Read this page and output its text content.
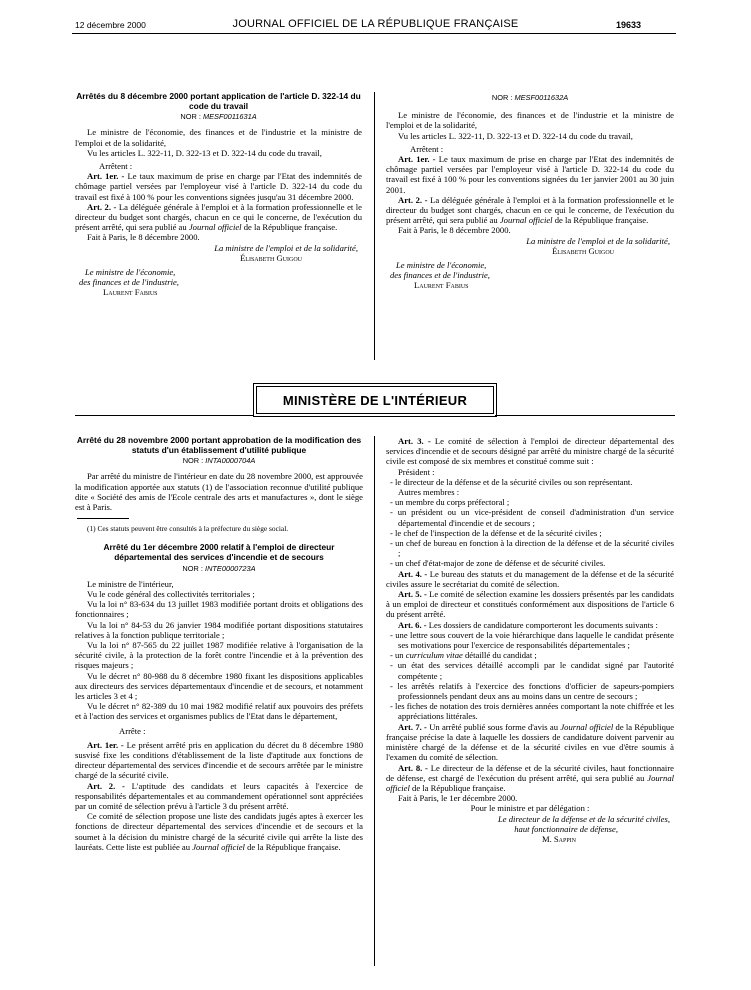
12 décembre 2000	JOURNAL OFFICIEL DE LA RÉPUBLIQUE FRANÇAISE	19633

Arrêtés du 8 décembre 2000 portant application de l'article D. 322-14 du code du travail

NOR : MESF0011631A

Le ministre de l'économie, des finances et de l'industrie et la ministre de l'emploi et de la solidarité,

Vu les articles L. 322-11, D. 322-13 et D. 322-14 du code du travail,

Arrêtent :

Art. 1er. - Le taux maximum de prise en charge par l'Etat des indemnités de chômage partiel versées par l'employeur visé à l'article D. 322-14 du code du travail est fixé à 100 % pour les conventions signées jusqu'au 31 décembre 2000.

Art. 2. - La déléguée générale à l'emploi et à la formation professionnelle et le directeur du budget sont chargés, chacun en ce qui le concerne, de l'exécution du présent arrêté, qui sera publié au Journal officiel de la République française.

Fait à Paris, le 8 décembre 2000.

La ministre de l'emploi et de la solidarité,

Élisabeth Guigou

Le ministre de l'économie,

des finances et de l'industrie,

Laurent Fabius

NOR : MESF0011632A

Le ministre de l'économie, des finances et de l'industrie et la ministre de l'emploi et de la solidarité,

Vu les articles L. 322-11, D. 322-13 et D. 322-14 du code du travail,

Arrêtent :

Art. 1er. - Le taux maximum de prise en charge par l'Etat des indemnités de chômage partiel versées par l'employeur visé à l'article D. 322-14 du code du travail est fixé à 100 % pour les conventions signées du 1er janvier 2001 au 30 juin 2001.

Art. 2. - La déléguée générale à l'emploi et à la formation professionnelle et le directeur du budget sont chargés, chacun en ce qui le concerne, de l'exécution du présent arrêté, qui sera publié au Journal officiel de la République française.

Fait à Paris, le 8 décembre 2000.

La ministre de l'emploi et de la solidarité,

Élisabeth Guigou

Le ministre de l'économie,

des finances et de l'industrie,

Laurent Fabius

MINISTÈRE DE L'INTÉRIEUR

Arrêté du 28 novembre 2000 portant approbation de la modification des statuts d'un établissement d'utilité publique

NOR : INTA0000704A

Par arrêté du ministre de l'intérieur en date du 28 novembre 2000, est approuvée la modification apportée aux statuts (1) de l'association reconnue d'utilité publique dite « Société des amis de l'Ecole centrale des arts et manufactures », dont le siège est à Paris.

(1) Ces statuts peuvent être consultés à la préfecture du siège social.

Arrêté du 1er décembre 2000 relatif à l'emploi de directeur départemental des services d'incendie et de secours

NOR : INTE0000723A

Le ministre de l'intérieur,

Vu le code général des collectivités territoriales ;

Vu la loi n° 83-634 du 13 juillet 1983 modifiée portant droits et obligations des fonctionnaires ;

Vu la loi n° 84-53 du 26 janvier 1984 modifiée portant dispositions statutaires relatives à la fonction publique territoriale ;

Vu la loi n° 87-565 du 22 juillet 1987 modifiée relative à l'organisation de la sécurité civile, à la protection de la forêt contre l'incendie et à la prévention des risques majeurs ;

Vu le décret n° 80-988 du 8 décembre 1980 fixant les dispositions applicables aux directeurs des services départementaux d'incendie et de secours, et notamment les articles 3 et 4 ;

Vu le décret n° 82-389 du 10 mai 1982 modifié relatif aux pouvoirs des préfets et à l'action des services et organismes publics de l'Etat dans le département,

Arrête :

Art. 1er. - Le présent arrêté pris en application du décret du 8 décembre 1980 susvisé fixe les conditions d'établissement de la liste d'aptitude aux fonctions de directeur départemental des services d'incendie et de secours arrêtée par le ministre chargé de la sécurité civile.

Art. 2. - L'aptitude des candidats et leurs capacités à l'exercice de responsabilités départementales et au commandement opérationnel sont appréciées par un comité de sélection prévu à l'article 3 du présent arrêté.

Ce comité de sélection propose une liste des candidats jugés aptes à exercer les fonctions de directeur départemental des services d'incendie et de secours et la soumet à la décision du ministre chargé de la sécurité civile qui arrête la liste des lauréats. Cette liste est publiée au Journal officiel de la République française.

Art. 3. - Le comité de sélection à l'emploi de directeur départemental des services d'incendie et de secours désigné par arrêté du ministre chargé de la sécurité civile est composé de six membres et constitué comme suit :

Président :

- le directeur de la défense et de la sécurité civiles ou son représentant.

Autres membres :

- un membre du corps préfectoral ;

- un président ou un vice-président de conseil d'administration d'un service départemental d'incendie et de secours ;

- le chef de l'inspection de la défense et de la sécurité civiles ;

- un chef de bureau en fonction à la direction de la défense et de la sécurité civiles ;

- un chef d'état-major de zone de défense et de sécurité civiles.

Art. 4. - Le bureau des statuts et du management de la défense et de la sécurité civiles assure le secrétariat du comité de sélection.

Art. 5. - Le comité de sélection examine les dossiers présentés par les candidats à un emploi de directeur et constitués conformément aux dispositions de l'article 6 du présent arrêté.

Art. 6. - Les dossiers de candidature comporteront les documents suivants :

- une lettre sous couvert de la voie hiérarchique dans laquelle le candidat présente ses motivations pour l'exercice de responsabilités départementales ;

- un curriculum vitae détaillé du candidat ;

- un état des services détaillé accompli par le candidat signé par l'autorité compétente ;

- les arrêtés relatifs à l'exercice des fonctions d'officier de sapeurs-pompiers professionnels pendant deux ans au moins dans un centre de secours ;

- les fiches de notation des trois dernières années comportant la note chiffrée et les appréciations littérales.

Art. 7. - Un arrêté publié sous forme d'avis au Journal officiel de la République française précise la date à laquelle les dossiers de candidature doivent parvenir au ministère chargé de la défense et de la sécurité civiles en vue d'être soumis à l'examen du comité de sélection.

Art. 8. - Le directeur de la défense et de la sécurité civiles, haut fonctionnaire de défense, est chargé de l'exécution du présent arrêté, qui sera publié au Journal officiel de la République française.

Fait à Paris, le 1er décembre 2000.

Pour le ministre et par délégation :

Le directeur de la défense et de la sécurité civiles,

haut fonctionnaire de défense,

M. Sappin
